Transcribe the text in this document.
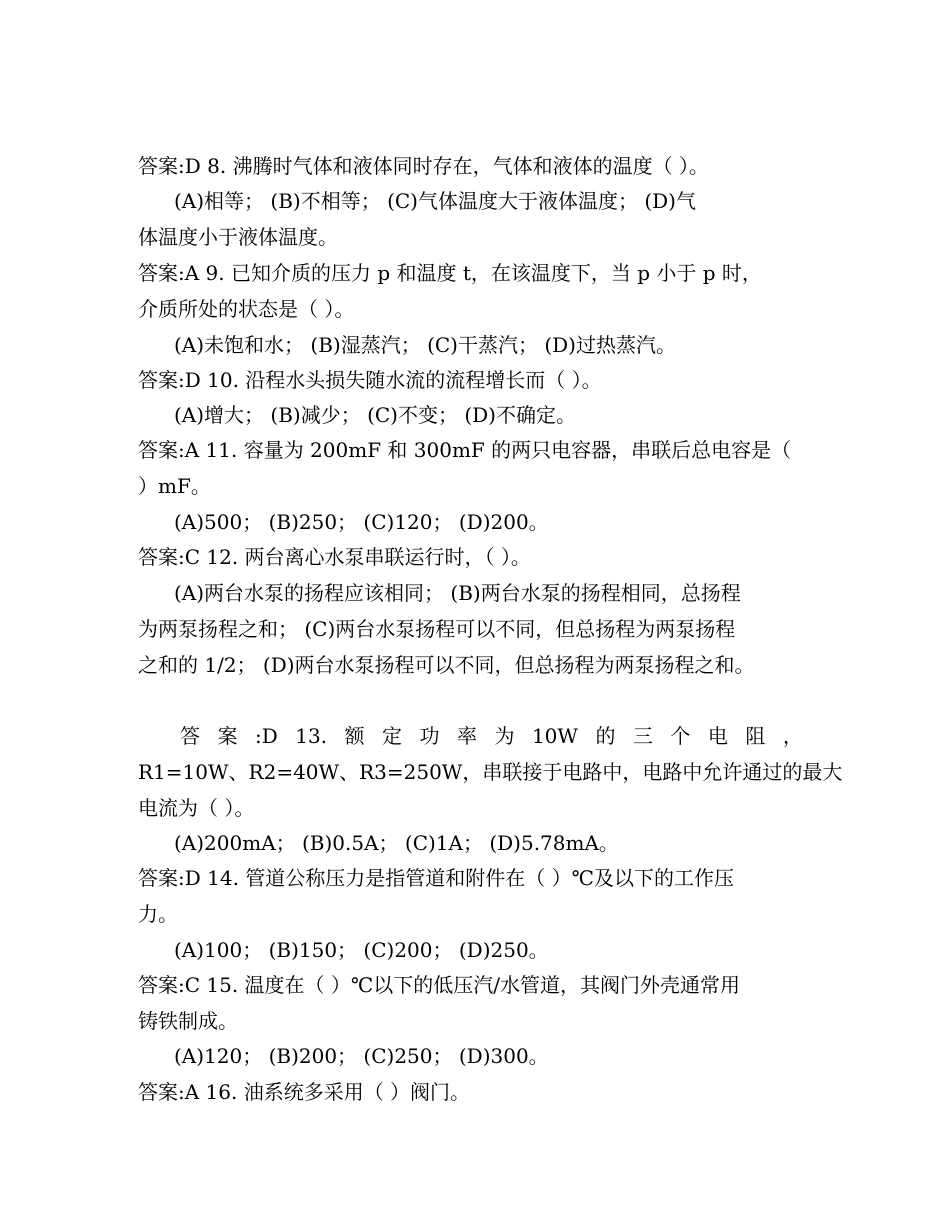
答案:D 8. 沸腾时气体和液体同时存在，气体和液体的温度（ ）。
(A)相等； (B)不相等； (C)气体温度大于液体温度； (D)气
体温度小于液体温度。
答案:A 9. 已知介质的压力 p 和温度 t，在该温度下，当 p 小于 p 时，
介质所处的状态是（ ）。
(A)未饱和水； (B)湿蒸汽； (C)干蒸汽； (D)过热蒸汽。
答案:D 10. 沿程水头损失随水流的流程增长而（ ）。
(A)增大； (B)减少； (C)不变； (D)不确定。
答案:A 11. 容量为 200mF 和 300mF 的两只电容器，串联后总电容是（
）mF。
(A)500； (B)250； (C)120； (D)200。
答案:C 12. 两台离心水泵串联运行时，（ ）。
(A)两台水泵的扬程应该相同； (B)两台水泵的扬程相同，总扬程
为两泵扬程之和； (C)两台水泵扬程可以不同，但总扬程为两泵扬程
之和的 1/2； (D)两台水泵扬程可以不同，但总扬程为两泵扬程之和。
答 案 :D 13. 额 定 功 率 为 10W 的 三 个 电 阻 ，
R1=10W、R2=40W、R3=250W，串联接于电路中，电路中允许通过的最大
电流为（ ）。
(A)200mA； (B)0.5A； (C)1A； (D)5.78mA。
答案:D 14. 管道公称压力是指管道和附件在（ ）℃及以下的工作压
力。
(A)100； (B)150； (C)200； (D)250。
答案:C 15. 温度在（ ）℃以下的低压汽/水管道，其阀门外壳通常用
铸铁制成。
(A)120； (B)200； (C)250； (D)300。
答案:A 16. 油系统多采用（ ）阀门。
